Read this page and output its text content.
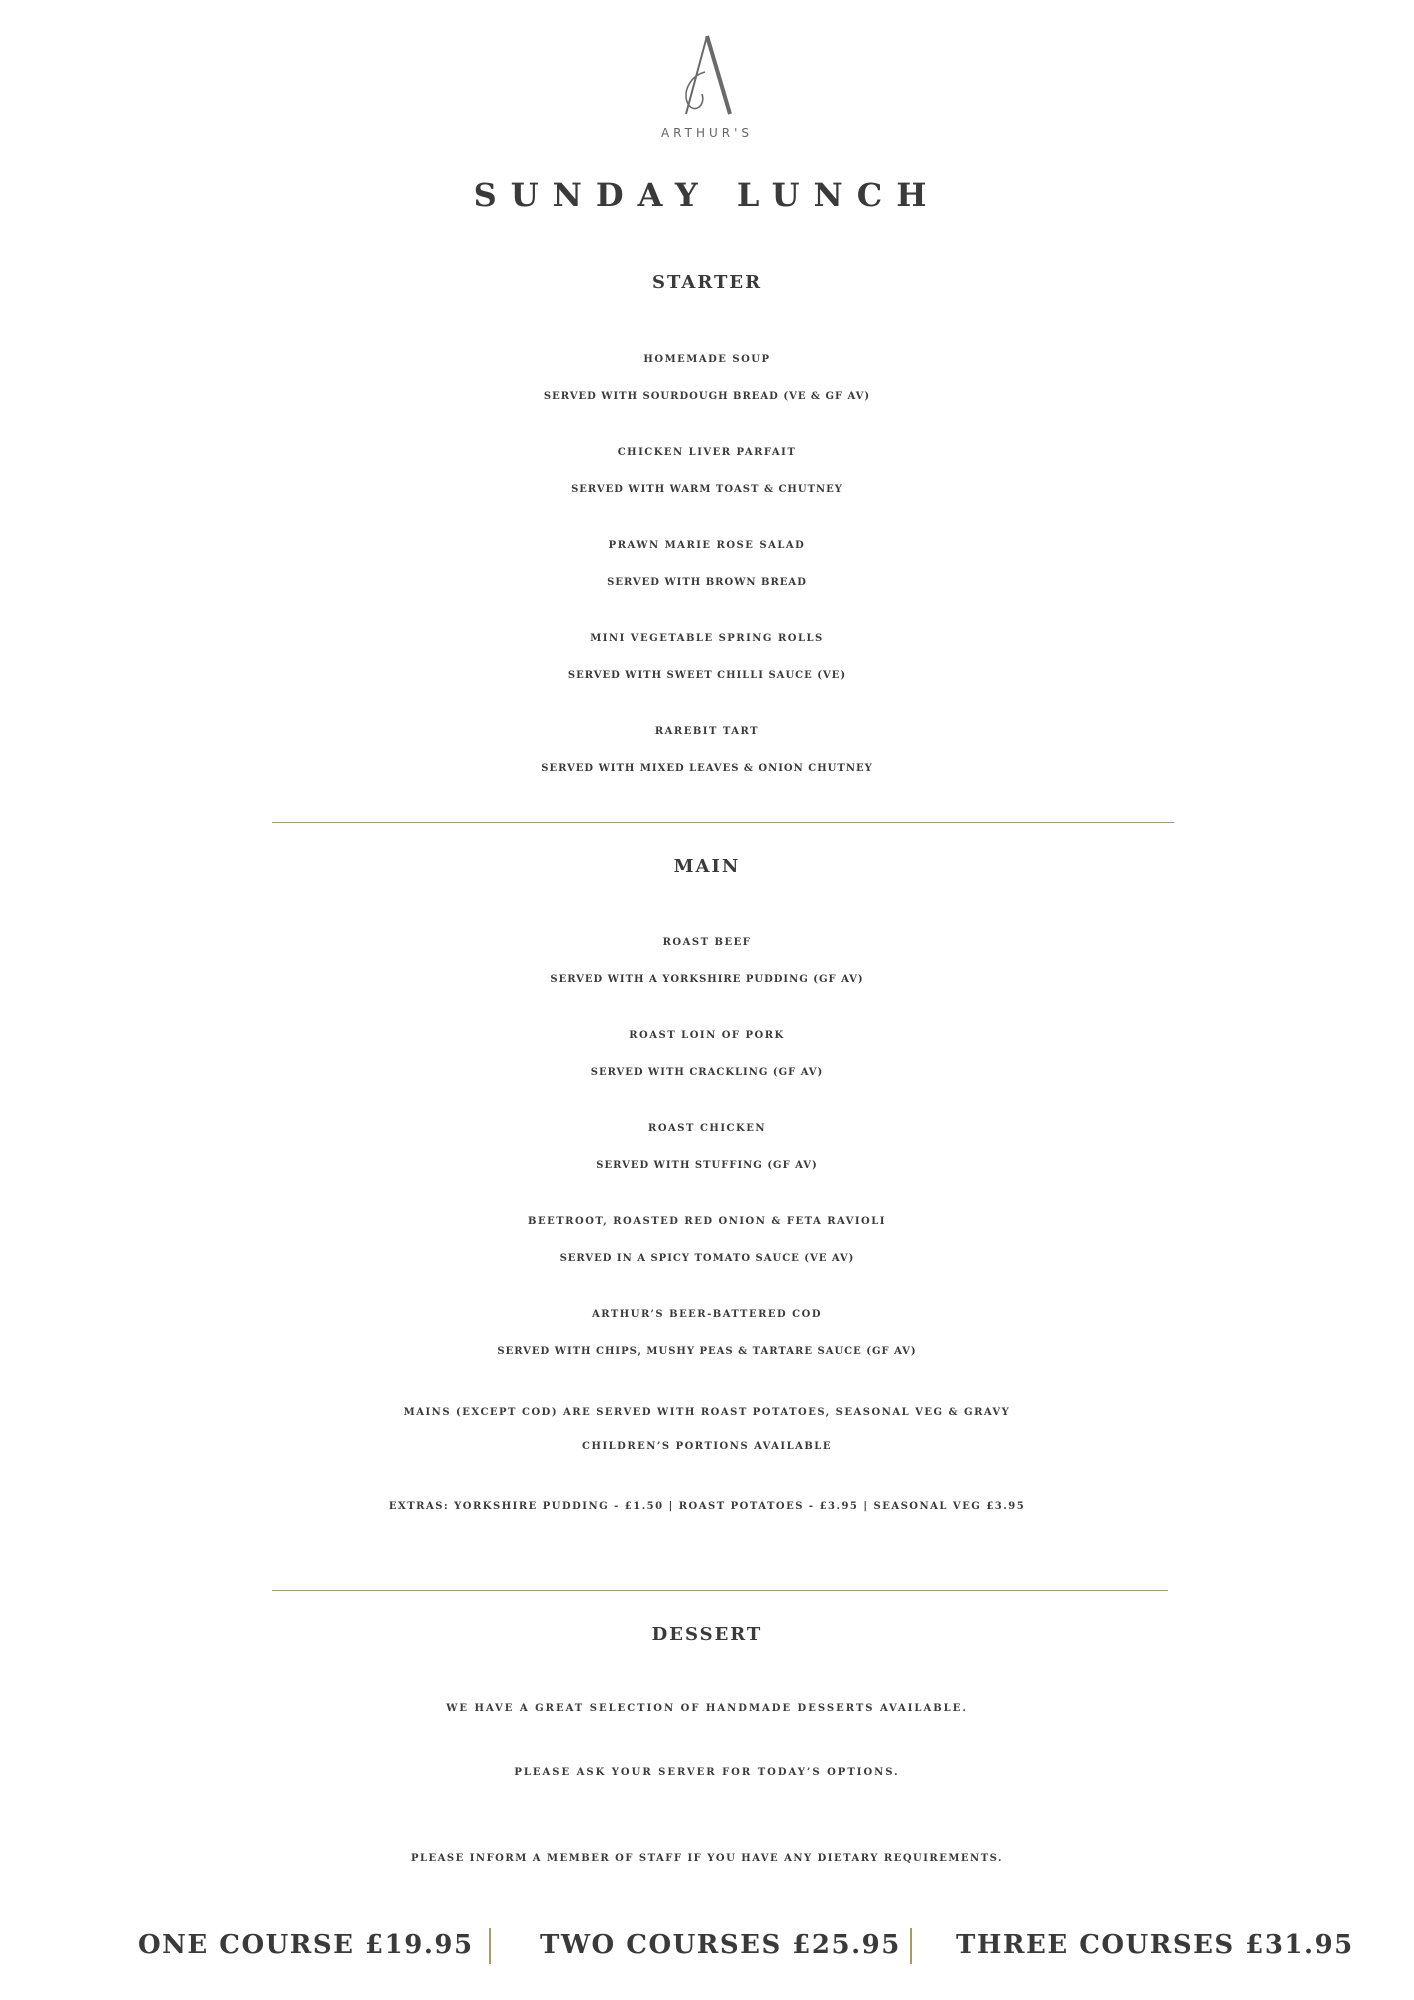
ARTHUR'S
SUNDAY LUNCH
STARTER
HOMEMADE SOUP
SERVED WITH SOURDOUGH BREAD (VE & GF AV)
CHICKEN LIVER PARFAIT
SERVED WITH WARM TOAST & CHUTNEY
PRAWN MARIE ROSE SALAD
SERVED WITH BROWN BREAD
MINI VEGETABLE SPRING ROLLS
SERVED WITH SWEET CHILLI SAUCE (VE)
RAREBIT TART
SERVED WITH MIXED LEAVES & ONION CHUTNEY
MAIN
ROAST BEEF
SERVED WITH A YORKSHIRE PUDDING (GF AV)
ROAST LOIN OF PORK
SERVED WITH CRACKLING (GF AV)
ROAST CHICKEN
SERVED WITH STUFFING (GF AV)
BEETROOT, ROASTED RED ONION & FETA RAVIOLI
SERVED IN A SPICY TOMATO SAUCE (VE AV)
ARTHUR’S BEER-BATTERED COD
SERVED WITH CHIPS, MUSHY PEAS & TARTARE SAUCE (GF AV)
MAINS (EXCEPT COD) ARE SERVED WITH ROAST POTATOES, SEASONAL VEG & GRAVY
CHILDREN’S PORTIONS AVAILABLE
EXTRAS: YORKSHIRE PUDDING - £1.50 | ROAST POTATOES - £3.95 | SEASONAL VEG £3.95
DESSERT
WE HAVE A GREAT SELECTION OF HANDMADE DESSERTS AVAILABLE.
PLEASE ASK YOUR SERVER FOR TODAY’S OPTIONS.
PLEASE INFORM A MEMBER OF STAFF IF YOU HAVE ANY DIETARY REQUIREMENTS.
ONE COURSE £19.95	TWO COURSES £25.95 THREE COURSES £31.95
